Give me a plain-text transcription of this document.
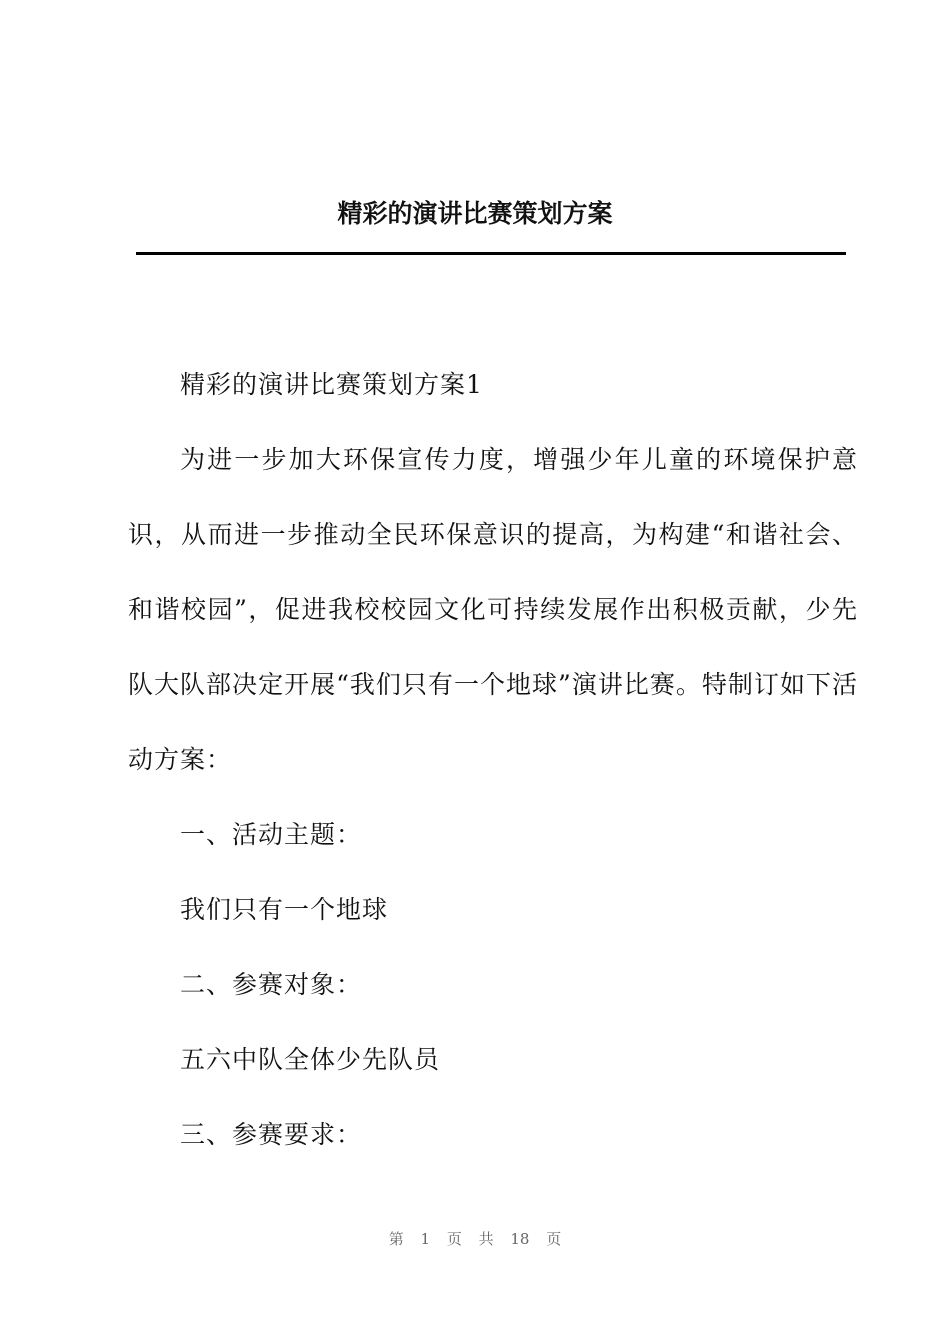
精彩的演讲比赛策划方案

精彩的演讲比赛策划方案1

为进一步加大环保宣传力度，增强少年儿童的环境保护意识，从而进一步推动全民环保意识的提高，为构建“和谐社会、和谐校园”，促进我校校园文化可持续发展作出积极贡献，少先队大队部决定开展“我们只有一个地球”演讲比赛。特制订如下活动方案：

一、活动主题：

我们只有一个地球

二、参赛对象：

五六中队全体少先队员

三、参赛要求：

第 1 页 共 18 页
